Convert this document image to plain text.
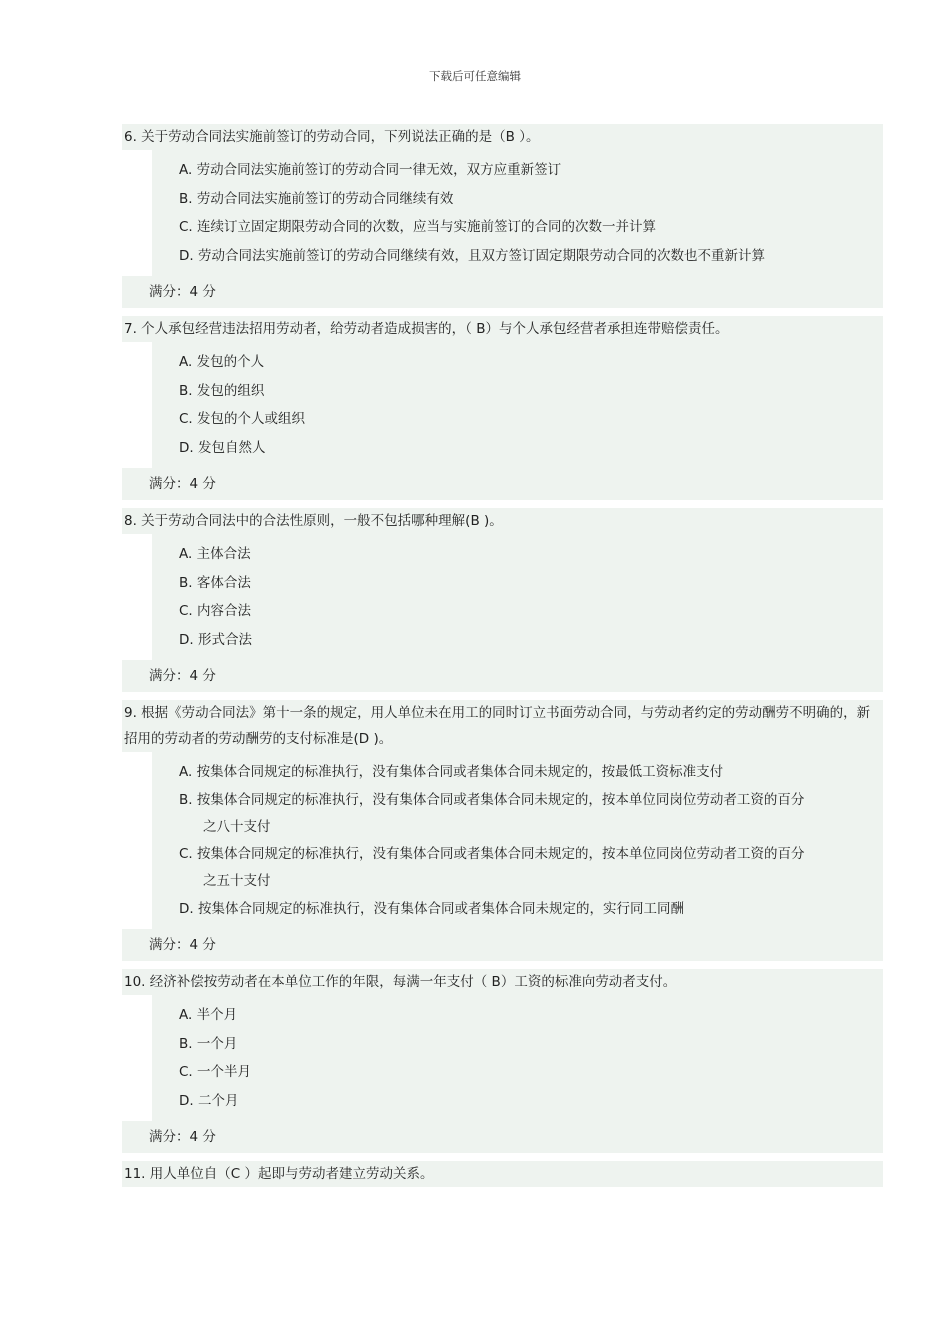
下载后可任意编辑
6. 关于劳动合同法实施前签订的劳动合同，下列说法正确的是（B ）。
A. 劳动合同法实施前签订的劳动合同一律无效，双方应重新签订
B. 劳动合同法实施前签订的劳动合同继续有效
C. 连续订立固定期限劳动合同的次数，应当与实施前签订的合同的次数一并计算
D. 劳动合同法实施前签订的劳动合同继续有效，且双方签订固定期限劳动合同的次数也不重新计算
满分：4 分
7. 个人承包经营违法招用劳动者，给劳动者造成损害的，（ B）与个人承包经营者承担连带赔偿责任。
A. 发包的个人
B. 发包的组织
C. 发包的个人或组织
D. 发包自然人
满分：4 分
8. 关于劳动合同法中的合法性原则，一般不包括哪种理解(B )。
A. 主体合法
B. 客体合法
C. 内容合法
D. 形式合法
满分：4 分
9. 根据《劳动合同法》第十一条的规定，用人单位未在用工的同时订立书面劳动合同，与劳动者约定的劳动酬劳不明确的，新招用的劳动者的劳动酬劳的支付标准是(D )。
A. 按集体合同规定的标准执行，没有集体合同或者集体合同未规定的，按最低工资标准支付
B. 按集体合同规定的标准执行，没有集体合同或者集体合同未规定的，按本单位同岗位劳动者工资的百分
之八十支付
C. 按集体合同规定的标准执行，没有集体合同或者集体合同未规定的，按本单位同岗位劳动者工资的百分
之五十支付
D. 按集体合同规定的标准执行，没有集体合同或者集体合同未规定的，实行同工同酬
满分：4 分
10. 经济补偿按劳动者在本单位工作的年限，每满一年支付（ B）工资的标准向劳动者支付。
A. 半个月
B. 一个月
C. 一个半月
D. 二个月
满分：4 分
11. 用人单位自（C ）起即与劳动者建立劳动关系。
